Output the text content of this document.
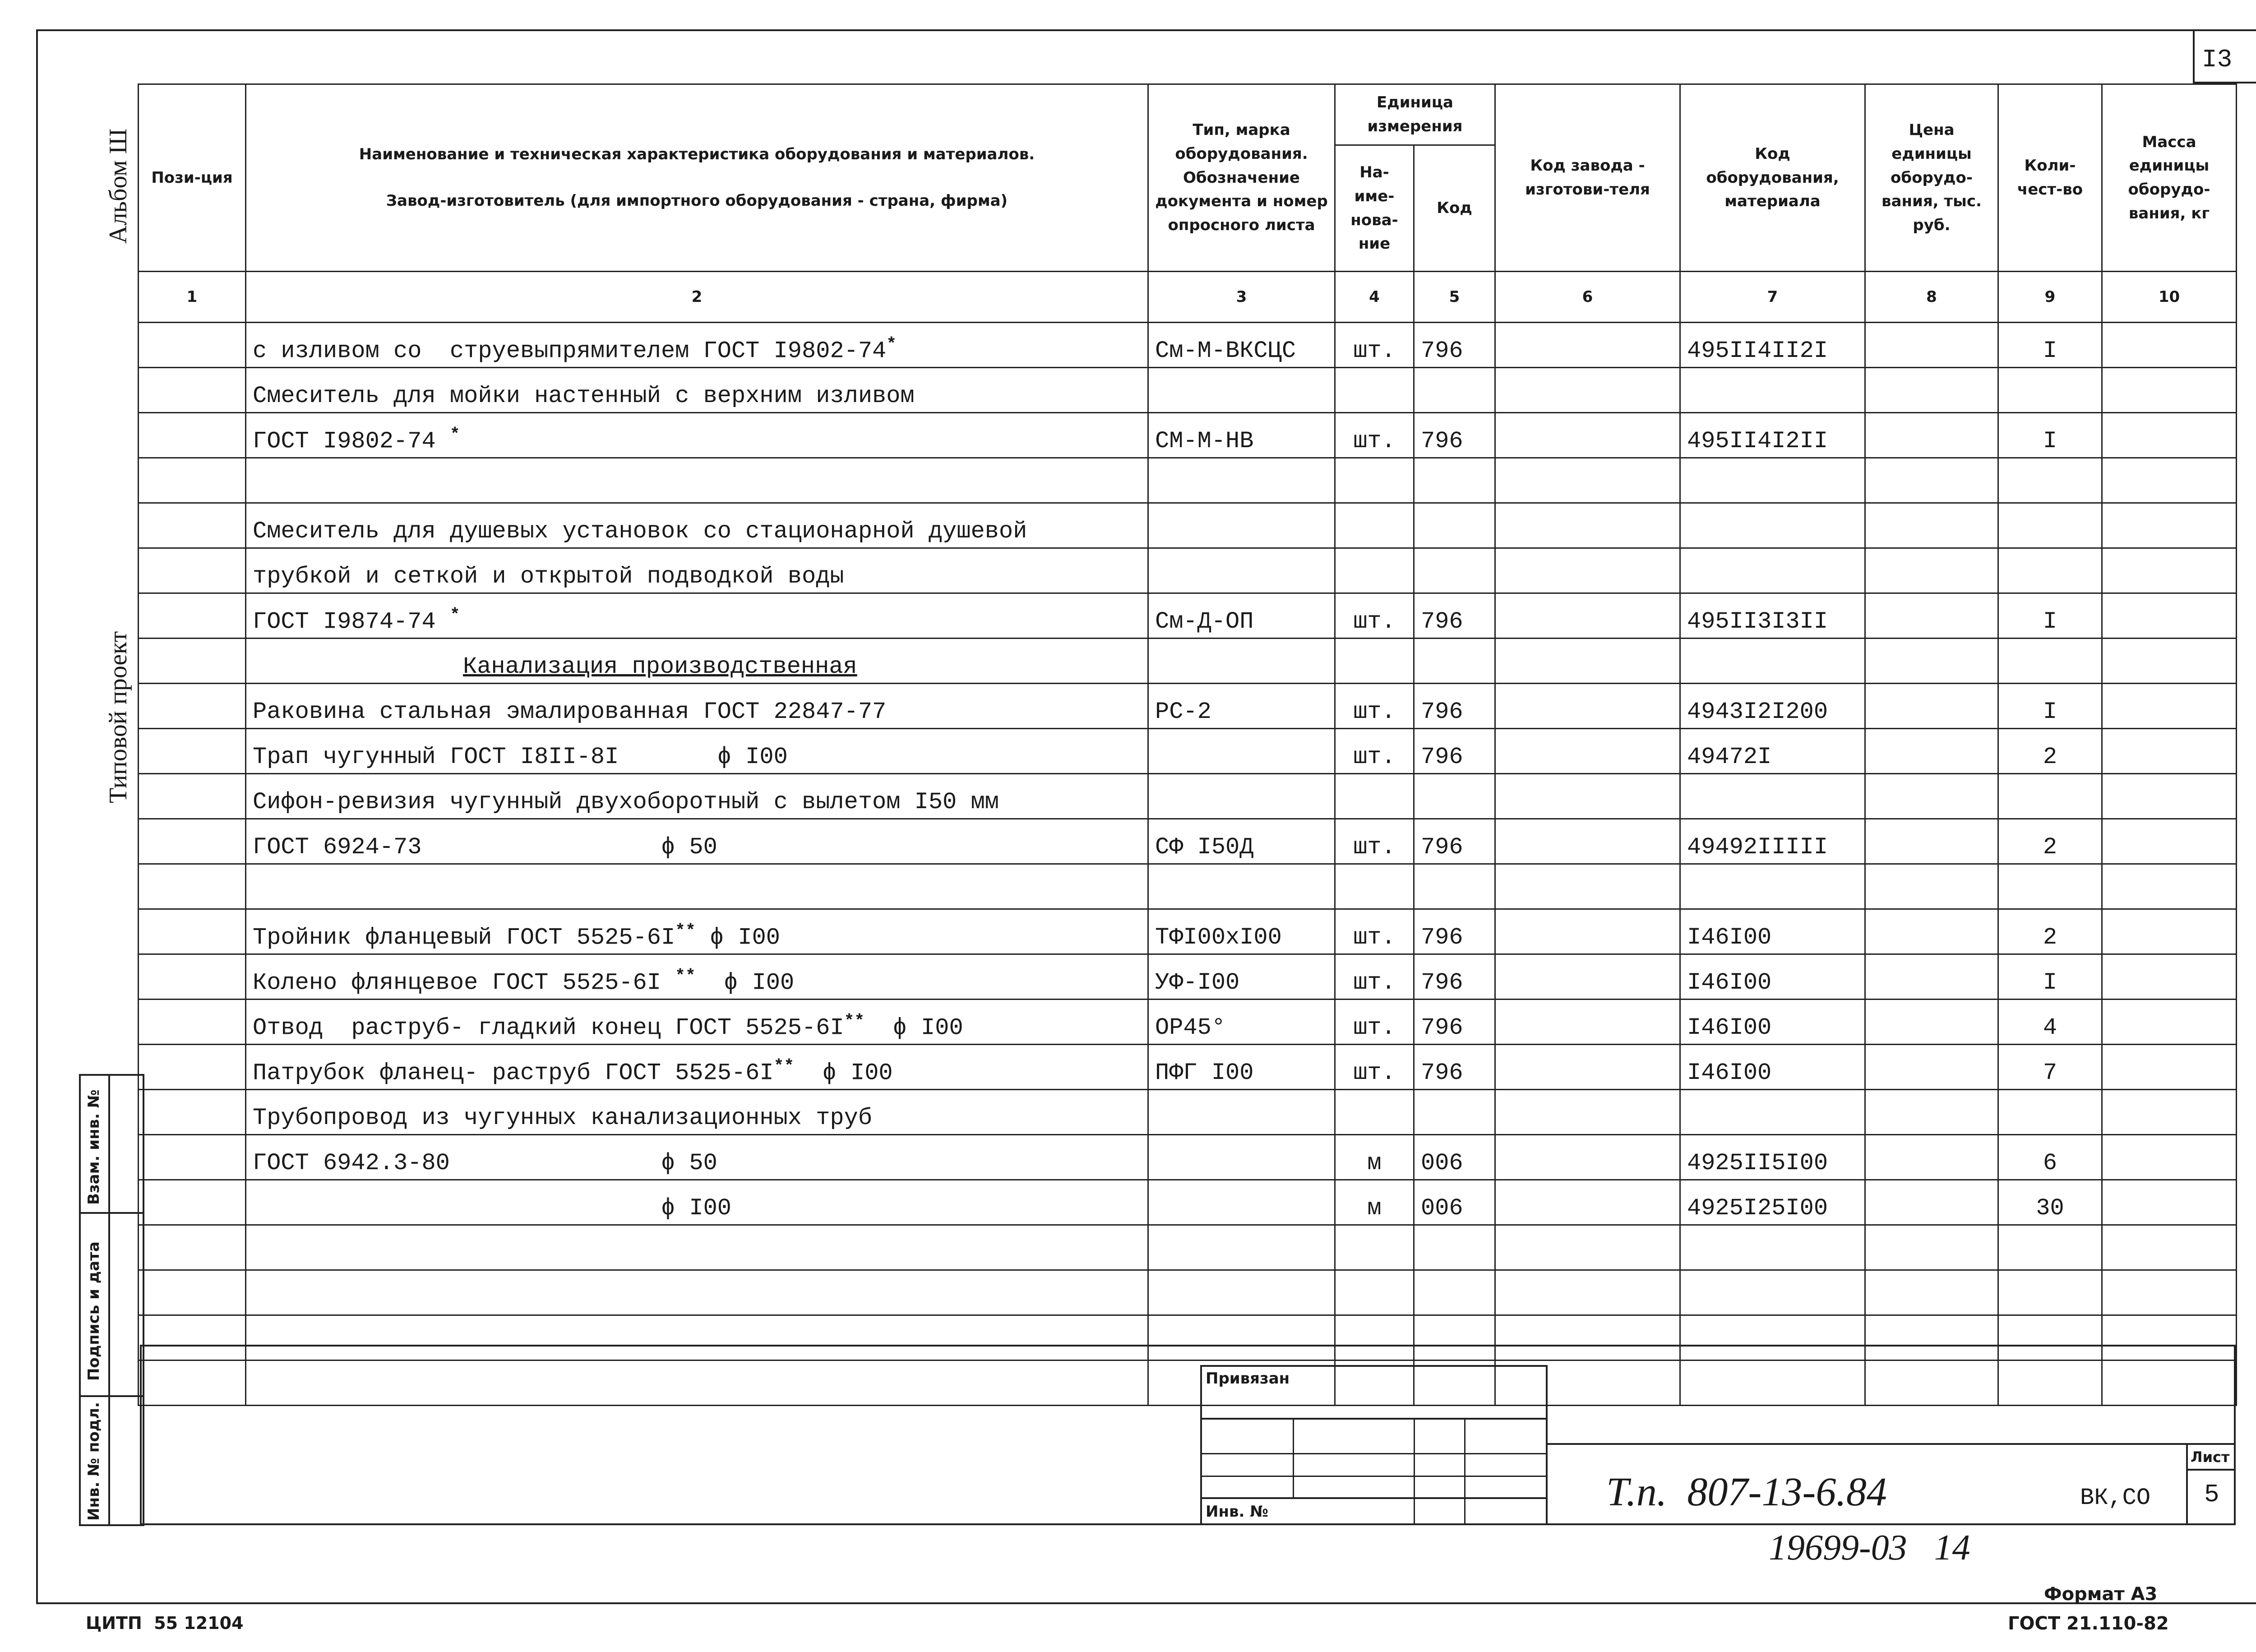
I3
Альбом Ш
Типовой проект
Взам. инв. №
Подпись и дата
Инв. № подл.
Пози-ция	Наименование и техническая характеристика оборудования и материалов.
Завод-изготовитель (для импортного оборудования - страна, фирма)	Тип, марка оборудования. Обозначение документа и номер опросного листа	Единица измерения		Код завода - изготови-теля	Код оборудования, материала	Цена единицы оборудо-вания, тыс. руб.	Коли-чест-во	Масса единицы оборудо-вания, кг
			На-име-нова-ние	Код					
1	2	3	4	5	6	7	8	9	10
	с изливом со  струевыпрямителем ГОСТ I9802-74*	См-М-ВКСЦС	шт.	796		495II4II2I		I	
	Смеситель для мойки настенный с верхним изливом								
	ГОСТ I9802-74 *	СМ-М-НВ	шт.	796		495II4I2II		I	

	Смеситель для душевых установок со стационарной душевой								
	трубкой и сеткой и открытой подводкой воды								
	ГОСТ I9874-74 *	См-Д-ОП	шт.	796		495II3I3II		I	
	Канализация производственная								
	Раковина стальная эмалированная ГОСТ 22847-77	РС-2	шт.	796		4943I2I200		I	
	Трап чугунный ГОСТ I8II-8I       ϕ I00		шт.	796		49472I		2	
	Сифон-ревизия чугунный двухоборотный с вылетом I50 мм								
	ГОСТ 6924-73                 ϕ 50	СФ I50Д	шт.	796		49492IIIII		2	

	Тройник фланцевый ГОСТ 5525-6I** ϕ I00	ТФI00хI00	шт.	796		I46I00		2	
	Колено флянцевое ГОСТ 5525-6I **  ϕ I00	УФ-I00	шт.	796		I46I00		I	
	Отвод  раструб- гладкий конец ГОСТ 5525-6I**  ϕ I00	ОР45°	шт.	796		I46I00		4	
	Патрубок фланец- раструб ГОСТ 5525-6I**  ϕ I00	ПФГ I00	шт.	796		I46I00		7	
	Трубопровод из чугунных канализационных труб								
	ГОСТ 6942.3-80               ϕ 50		м	006		4925II5I00		6	
	ϕ I00		м	006		4925I25I00		30	

Привязан
Инв. №	Т.п.  807-13-6.84	ВК,СО
Лист
5
19699-03   14
ЦИТП  55 12104
Формат А3
ГОСТ 21.110-82
